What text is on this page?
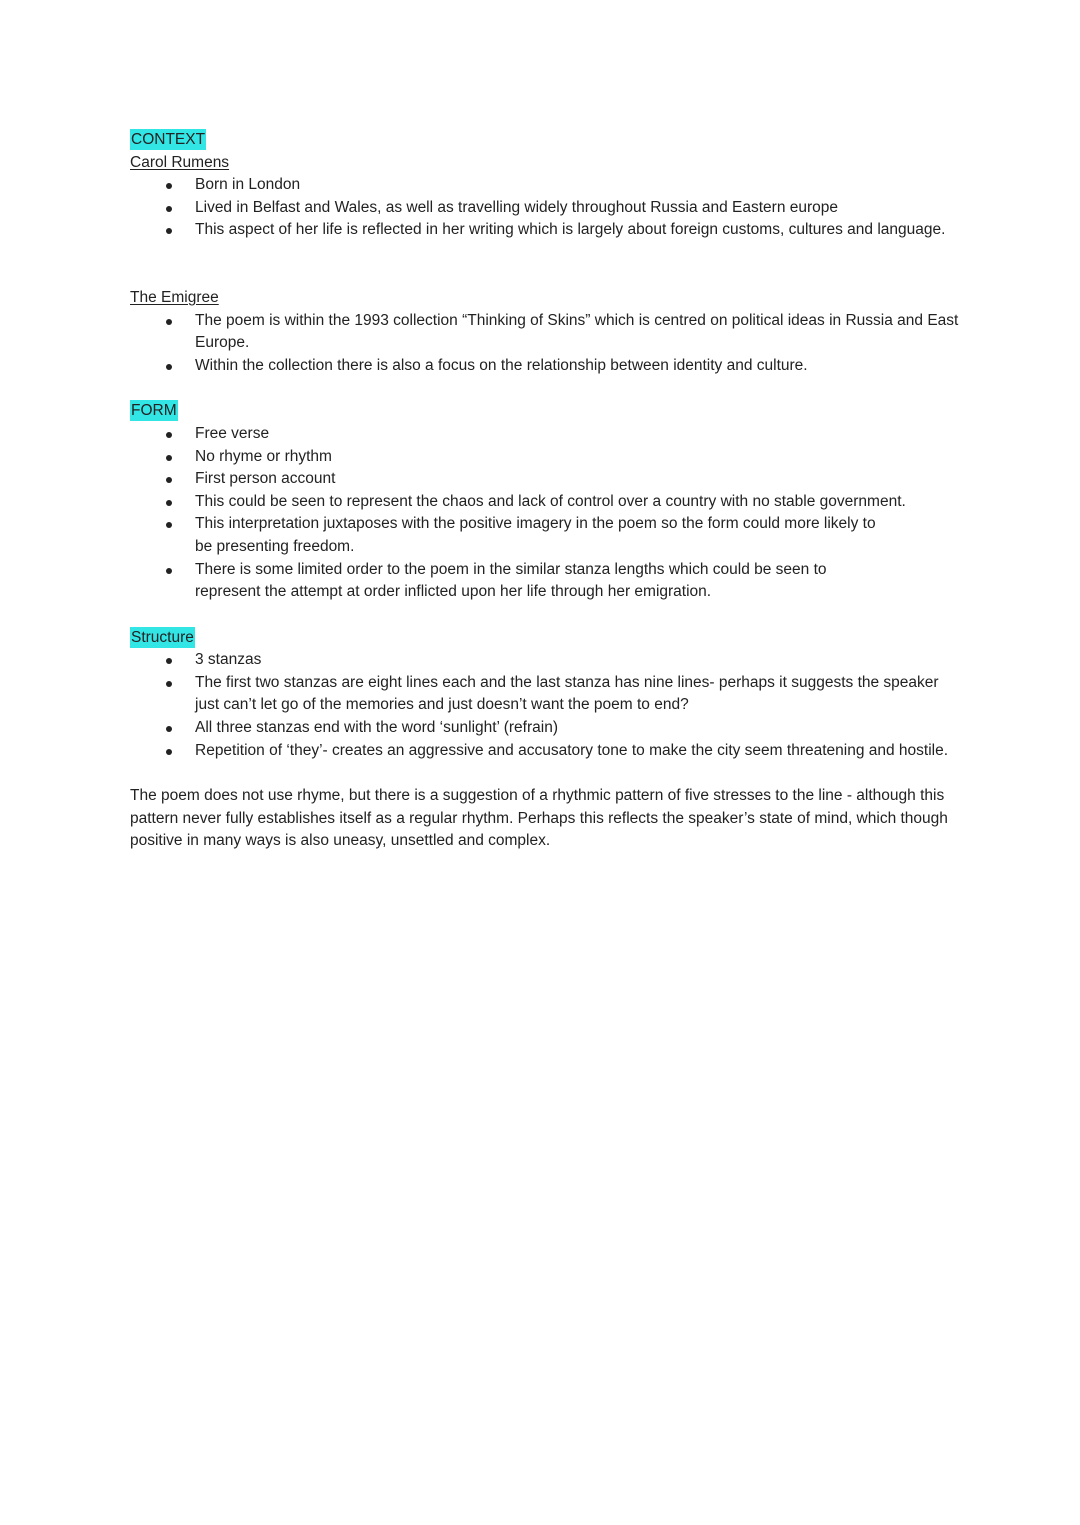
CONTEXT
Carol Rumens
Born in London
Lived in Belfast and Wales, as well as travelling widely throughout Russia and Eastern europe
This aspect of her life is reflected in her writing which is largely about foreign customs, cultures and language.
The Emigree
The poem is within the 1993 collection “Thinking of Skins” which is centred on political ideas in Russia and East Europe.
Within the collection there is also a focus on the relationship between identity and culture.
FORM
Free verse
No rhyme or rhythm
First person account
This could be seen to represent the chaos and lack of control over a country with no stable government.
This interpretation juxtaposes with the positive imagery in the poem so the form could more likely to be presenting freedom.
There is some limited order to the poem in the similar stanza lengths which could be seen to represent the attempt at order inflicted upon her life through her emigration.
Structure
3 stanzas
The first two stanzas are eight lines each and the last stanza has nine lines- perhaps it suggests the speaker just can’t let go of the memories and just doesn’t want the poem to end?
All three stanzas end with the word ‘sunlight’ (refrain)
Repetition of ‘they’- creates an aggressive and accusatory tone to make the city seem threatening and hostile.

The poem does not use rhyme, but there is a suggestion of a rhythmic pattern of five stresses to the line - although this pattern never fully establishes itself as a regular rhythm. Perhaps this reflects the speaker’s state of mind, which though positive in many ways is also uneasy, unsettled and complex.
